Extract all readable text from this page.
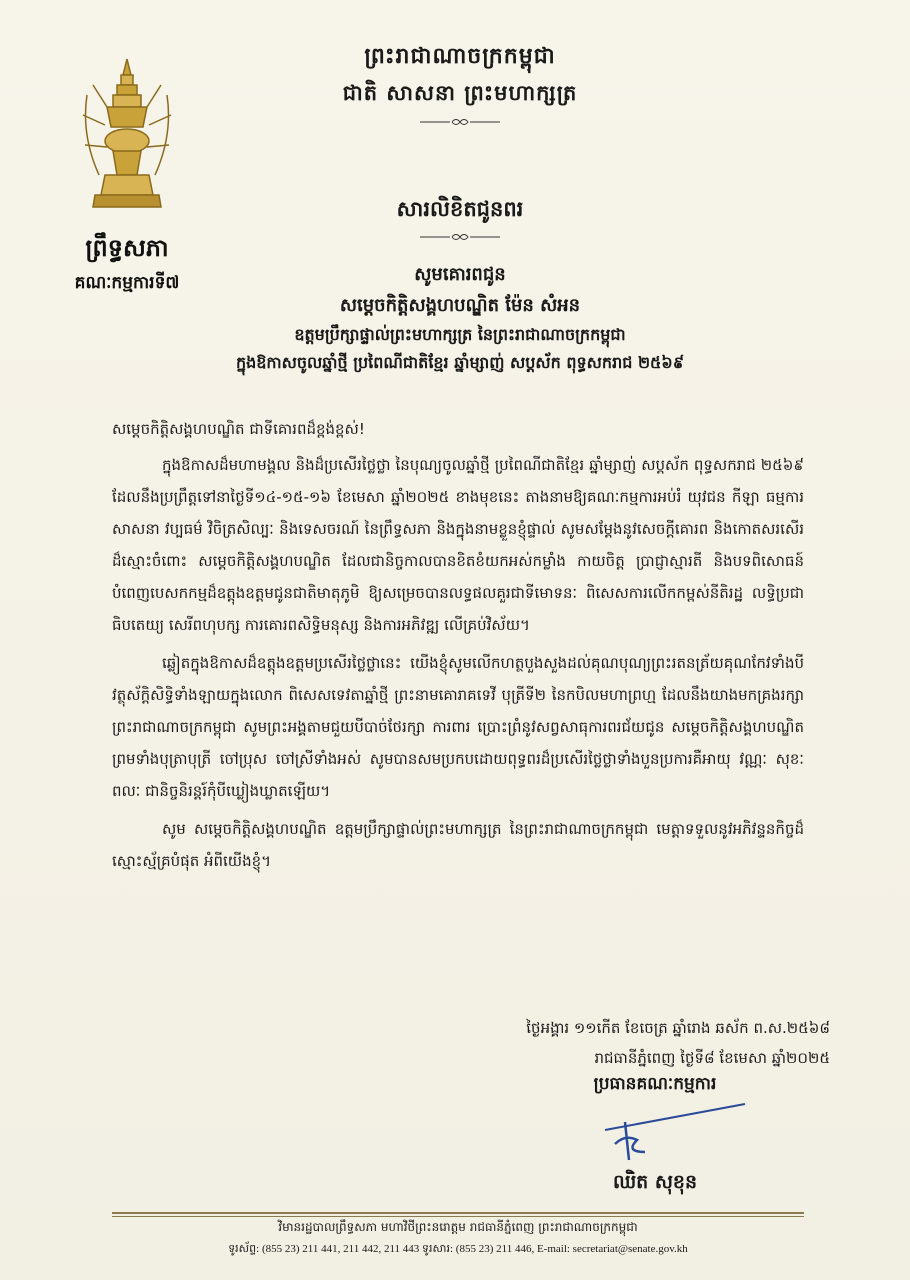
ព្រឹទ្ធសភា
គណៈកម្មការទី៧
ព្រះរាជាណាចក្រកម្ពុជា
ជាតិ សាសនា ព្រះមហាក្សត្រ
សារលិខិតជូនពរ
សូមគោរពជូន
សម្តេចកិត្តិសង្គហបណ្ឌិត ម៉ែន សំអន
ឧត្តមប្រឹក្សាផ្ទាល់ព្រះមហាក្សត្រ នៃព្រះរាជាណាចក្រកម្ពុជា
ក្នុងឱកាសចូលឆ្នាំថ្មី ប្រពៃណីជាតិខ្មែរ ឆ្នាំម្សាញ់ សប្តស័ក ពុទ្ធសករាជ ២៥៦៩
សម្តេចកិត្តិសង្គហបណ្ឌិត ជាទីគោរពដ៏ខ្ពង់ខ្ពស់!

ក្នុងឱកាសដ៏មហាមង្គល និងដ៏ប្រសើរថ្លៃថ្លា នៃបុណ្យចូលឆ្នាំថ្មី ប្រពៃណីជាតិខ្មែរ ឆ្នាំម្សាញ់ សប្តស័ក ពុទ្ធសករាជ ២៥៦៩ ដែលនឹងប្រព្រឹត្តទៅនាថ្ងៃទី១៤-១៥-១៦ ខែមេសា ឆ្នាំ២០២៥ ខាងមុខនេះ តាងនាមឱ្យគណៈកម្មការអប់រំ យុវជន កីឡា ធម្មការ សាសនា វប្បធម៌ វិចិត្រសិល្បៈ និងទេសចរណ៍ នៃព្រឹទ្ធសភា និងក្នុងនាមខ្លួនខ្ញុំផ្ទាល់ សូមសម្តែងនូវសេចក្តីគោរព និងកោតសរសើរដ៏ស្មោះចំពោះ សម្តេចកិត្តិសង្គហបណ្ឌិត ដែលជានិច្ចកាលបានខិតខំយកអស់កម្លាំង កាយចិត្ត ប្រាជ្ញាស្មារតី និងបទពិសោធន៍ បំពេញបេសកកម្មដ៏ឧត្តុងឧត្តមជូនជាតិមាតុភូមិ ឱ្យសម្រេចបានលទ្ធផលគួរជាទីមោទនៈ ពិសេសការលើកកម្ពស់នីតិរដ្ឋ លទ្ធិប្រជាធិបតេយ្យ សេរីពហុបក្ស ការគោរពសិទ្ធិមនុស្ស និងការអភិវឌ្ឍ លើគ្រប់វិស័យ។

ឆ្លៀតក្នុងឱកាសដ៏ឧត្តុងឧត្តមប្រសើរថ្លៃថ្លានេះ យើងខ្ញុំសូមលើកហត្ថបួងសួងដល់គុណបុណ្យព្រះរតនត្រ័យគុណកែវទាំងបី វត្ថុស័ក្តិសិទ្ធិទាំងឡាយក្នុងលោក ពិសេសទេវតាឆ្នាំថ្មី ព្រះនាមគោរាគទេវី បុត្រីទី២ នៃកបិលមហាព្រហ្ម ដែលនឹងយាងមកគ្រងរក្សាព្រះរាជាណាចក្រកម្ពុជា សូមព្រះអង្គតាមជួយបីបាច់ថែរក្សា ការពារ ប្រោះព្រំនូវសព្វសាធុការពរជ័យជូន សម្តេចកិត្តិសង្គហបណ្ឌិត ព្រមទាំងបុត្រាបុត្រី ចៅប្រុស ចៅស្រីទាំងអស់ សូមបានសមប្រកបដោយពុទ្ធពរដ៏ប្រសើរថ្លៃថ្លាទាំងបួនប្រការគឺអាយុ វណ្ណៈ សុខៈ ពលៈ ជានិច្ចនិរន្តរ៍កុំបីឃ្លៀងឃ្លាតឡើយ។

សូម សម្តេចកិត្តិសង្គហបណ្ឌិត ឧត្តមប្រឹក្សាផ្ទាល់ព្រះមហាក្សត្រ នៃព្រះរាជាណាចក្រកម្ពុជា មេត្តាទទួលនូវអភិវន្ទនកិច្ចដ៏ស្មោះស្ម័គ្របំផុត អំពីយើងខ្ញុំ។

ថ្ងៃអង្គារ ១១កើត ខែចេត្រ ឆ្នាំរោង ឆស័ក ព.ស.២៥៦៨
រាជធានីភ្នំពេញ ថ្ងៃទី៨ ខែមេសា ឆ្នាំ២០២៥
ប្រធានគណៈកម្មការ
ឈិត សុខុន
វិមានរដ្ឋបាលព្រឹទ្ធសភា មហាវិថីព្រះនរោត្តម រាជធានីភ្នំពេញ ព្រះរាជាណាចក្រកម្ពុជា
ទូរស័ព្ទ: (855 23) 211 441, 211 442, 211 443 ទូរសារ: (855 23) 211 446, E-mail: secretariat@senate.gov.kh
